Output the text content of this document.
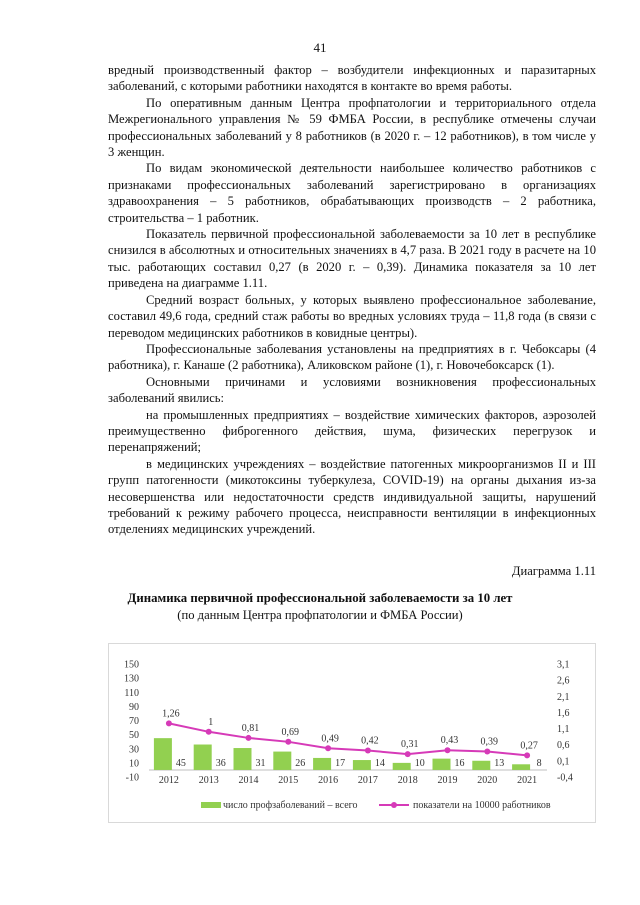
41

вредный производственный фактор – возбудители инфекционных и паразитарных заболеваний, с которыми работники находятся в контакте во время работы.

По оперативным данным Центра профпатологии и территориального отдела Межрегионального управления № 59 ФМБА России, в республике отмечены случаи профессиональных заболеваний у 8 работников (в 2020 г. – 12 работников), в том числе у 3 женщин.

По видам экономической деятельности наибольшее количество работников с признаками профессиональных заболеваний зарегистрировано в организациях здравоохранения – 5 работников, обрабатывающих производств – 2 работника, строительства – 1 работник.

Показатель первичной профессиональной заболеваемости за 10 лет в республике снизился в абсолютных и относительных значениях в 4,7 раза. В 2021 году в расчете на 10 тыс. работающих составил 0,27 (в 2020 г. – 0,39). Динамика показателя за 10 лет приведена на диаграмме 1.11.

Средний возраст больных, у которых выявлено профессиональное заболевание, составил 49,6 года, средний стаж работы во вредных условиях труда – 11,8 года (в связи с переводом медицинских работников в ковидные центры).

Профессиональные заболевания установлены на предприятиях в г. Чебоксары (4 работника), г. Канаше (2 работника), Аликовском районе (1), г. Новочебоксарск (1).

Основными причинами и условиями возникновения профессиональных заболеваний явились:

на промышленных предприятиях – воздействие химических факторов, аэрозолей преимущественно фиброгенного действия, шума, физических перегрузок и перенапряжений;

в медицинских учреждениях – воздействие патогенных микроорганизмов II и III групп патогенности (микотоксины туберкулеза, COVID-19) на органы дыхания из-за несовершенства или недостаточности средств индивидуальной защиты, нарушений требований к режиму рабочего процесса, неисправности вентиляции в инфекционных отделениях медицинских учреждений.

Диаграмма 1.11
Динамика первичной профессиональной заболеваемости за 10 лет
(по данным Центра профпатологии и ФМБА России)
150
130
110
90
70
50
30
10
-10
3,1
2,6
2,1
1,6
1,1
0,6
0,1
-0,4
45	36	31	26	17	14	10	16	13	8
2012 2013 2014 2015 2016 2017 2018 2019 2020 2021
1,26
1
0,81 0,69
0,49 0,42 0,31 0,43 0,39 0,27
число профзаболеваний – всего	показатели на 10000 работников
